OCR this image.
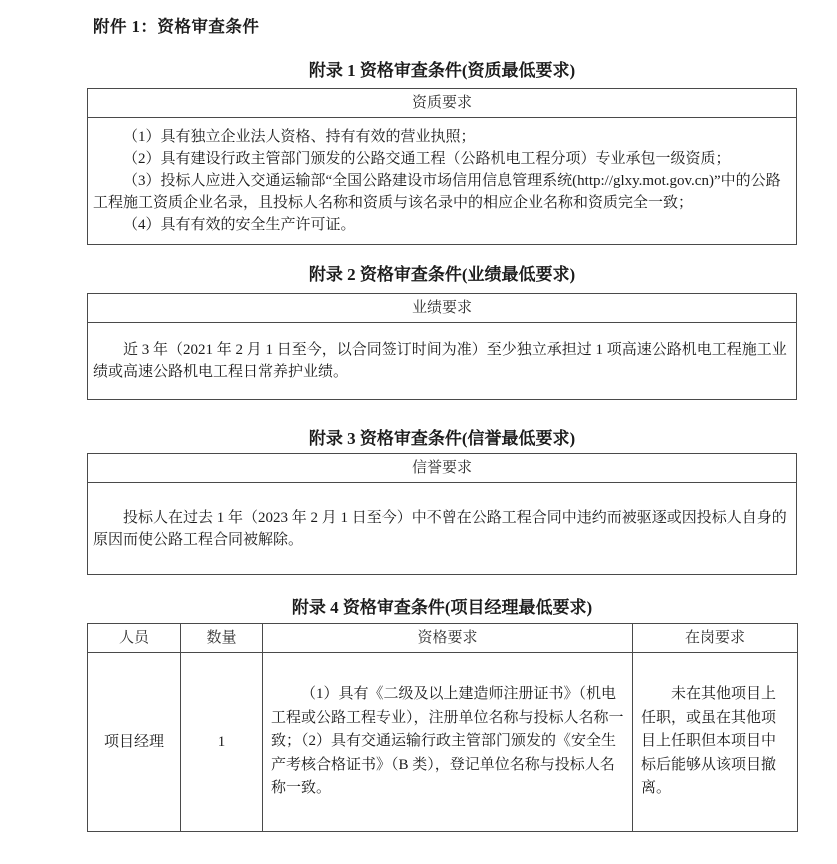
附件 1：资格审查条件
附录 1 资格审查条件(资质最低要求)
资质要求

（1）具有独立企业法人资格、持有有效的营业执照；

（2）具有建设行政主管部门颁发的公路交通工程（公路机电工程分项）专业承包一级资质；

（3）投标人应进入交通运输部“全国公路建设市场信用信息管理系统(http://glxy.mot.gov.cn)”中的公路工程施工资质企业名录，且投标人名称和资质与该名录中的相应企业名称和资质完全一致；

（4）具有有效的安全生产许可证。

附录 2 资格审查条件(业绩最低要求)
业绩要求

近 3 年（2021 年 2 月 1 日至今，以合同签订时间为准）至少独立承担过 1 项高速公路机电工程施工业绩或高速公路机电工程日常养护业绩。

附录 3 资格审查条件(信誉最低要求)
信誉要求

投标人在过去 1 年（2023 年 2 月 1 日至今）中不曾在公路工程合同中违约而被驱逐或因投标人自身的原因而使公路工程合同被解除。

附录 4 资格审查条件(项目经理最低要求)
人员	数量	资格要求	在岗要求
项目经理	1	（1）具有《二级及以上建造师注册证书》（机电工程或公路工程专业），注册单位名称与投标人名称一致；（2）具有交通运输行政主管部门颁发的《安全生产考核合格证书》（B 类），登记单位名称与投标人名称一致。	未在其他项目上任职，或虽在其他项目上任职但本项目中标后能够从该项目撤离。
